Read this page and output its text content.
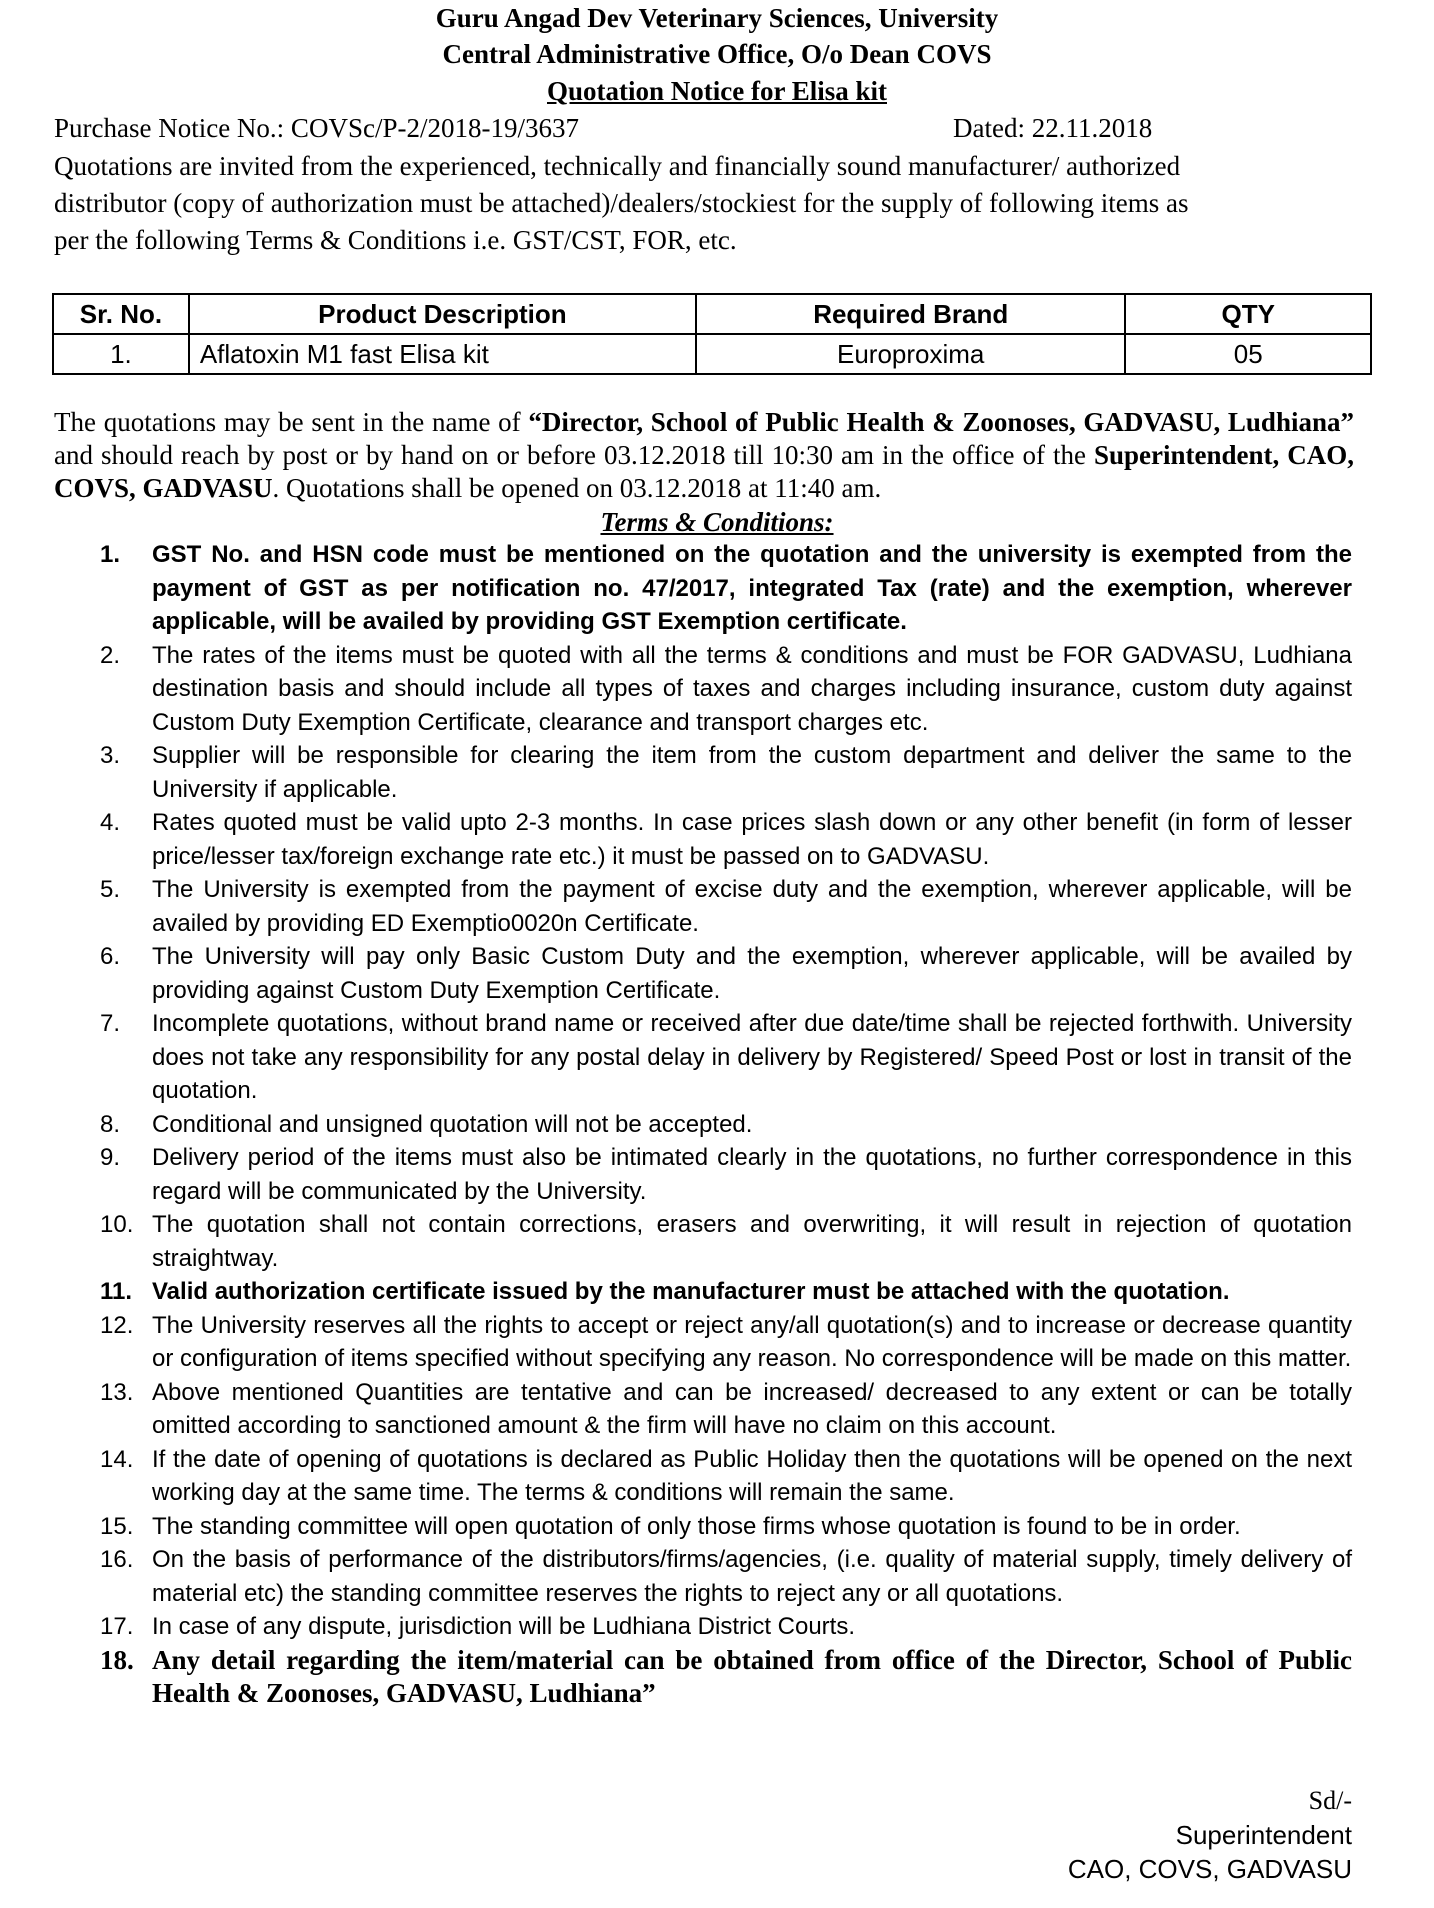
Guru Angad Dev Veterinary Sciences, University
Central Administrative Office, O/o Dean COVS
Quotation Notice for Elisa kit
Purchase Notice No.: COVSc/P-2/2018-19/3637	Dated: 22.11.2018
Quotations are invited from the experienced, technically and financially sound manufacturer/ authorized
distributor (copy of authorization must be attached)/dealers/stockiest for the supply of following items as
per the following Terms & Conditions i.e. GST/CST, FOR, etc.
Sr. No.	Product Description	Required Brand	QTY
1.	Aflatoxin M1 fast Elisa kit	Europroxima	05
The quotations may be sent in the name of “Director, School of Public Health & Zoonoses, GADVASU, Ludhiana” and should reach by post or by hand on or before 03.12.2018 till 10:30 am in the office of the Superintendent, CAO, COVS, GADVASU. Quotations shall be opened on 03.12.2018 at 11:40 am.
Terms & Conditions:
1. GST No. and HSN code must be mentioned on the quotation and the university is exempted from the payment of GST as per notification no. 47/2017, integrated Tax (rate) and the exemption, wherever applicable, will be availed by providing GST Exemption certificate.
2. The rates of the items must be quoted with all the terms & conditions and must be FOR GADVASU, Ludhiana destination basis and should include all types of taxes and charges including insurance, custom duty against Custom Duty Exemption Certificate, clearance and transport charges etc.
3. Supplier will be responsible for clearing the item from the custom department and deliver the same to the University if applicable.
4. Rates quoted must be valid upto 2-3 months. In case prices slash down or any other benefit (in form of lesser price/lesser tax/foreign exchange rate etc.) it must be passed on to GADVASU.
5. The University is exempted from the payment of excise duty and the exemption, wherever applicable, will be availed by providing ED Exemptio0020n Certificate.
6. The University will pay only Basic Custom Duty and the exemption, wherever applicable, will be availed by providing against Custom Duty Exemption Certificate.
7. Incomplete quotations, without brand name or received after due date/time shall be rejected forthwith. University does not take any responsibility for any postal delay in delivery by Registered/ Speed Post or lost in transit of the quotation.
8. Conditional and unsigned quotation will not be accepted.
9. Delivery period of the items must also be intimated clearly in the quotations, no further correspondence in this regard will be communicated by the University.
10. The quotation shall not contain corrections, erasers and overwriting, it will result in rejection of quotation straightway.
11. Valid authorization certificate issued by the manufacturer must be attached with the quotation.
12. The University reserves all the rights to accept or reject any/all quotation(s) and to increase or decrease quantity or configuration of items specified without specifying any reason. No correspondence will be made on this matter.
13. Above mentioned Quantities are tentative and can be increased/ decreased to any extent or can be totally omitted according to sanctioned amount & the firm will have no claim on this account.
14. If the date of opening of quotations is declared as Public Holiday then the quotations will be opened on the next working day at the same time. The terms & conditions will remain the same.
15. The standing committee will open quotation of only those firms whose quotation is found to be in order.
16. On the basis of performance of the distributors/firms/agencies, (i.e. quality of material supply, timely delivery of material etc) the standing committee reserves the rights to reject any or all quotations.
17. In case of any dispute, jurisdiction will be Ludhiana District Courts.
18. Any detail regarding the item/material can be obtained from office of the Director, School of Public Health & Zoonoses, GADVASU, Ludhiana”
Sd/-
Superintendent
CAO, COVS, GADVASU
